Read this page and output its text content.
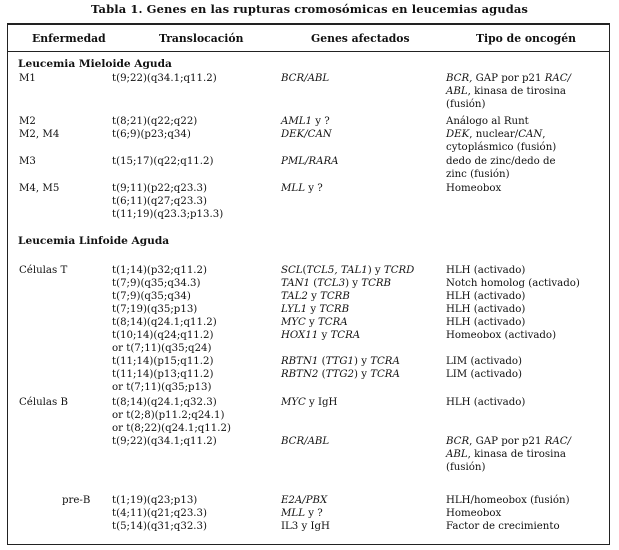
Tabla 1. Genes en las rupturas cromosómicas en leucemias agudas
Enfermedad	Translocación	Genes afectados	Tipo de oncogén
Leucemia Mieloide Aguda
M1	t(9;22)(q34.1;q11.2)	BCR/ABL	BCR, GAP por p21 RAC/
ABL, kinasa de tirosina
(fusión)
M2	t(8;21)(q22;q22)	AML1 y ?	Análogo al Runt
M2, M4	t(6;9)(p23;q34)	DEK/CAN	DEK, nuclear/CAN,
cytoplásmico (fusión)
M3	t(15;17)(q22;q11.2)	PML/RARA	dedo de zinc/dedo de
zinc (fusión)
M4, M5	t(9;11)(p22;q23.3)
t(6;11)(q27;q23.3)
t(11;19)(q23.3;p13.3)
MLL y ?	Homeobox
Leucemia Linfoide Aguda
Células T	t(1;14)(p32;q11.2)	SCL(TCL5, TAL1) y TCRD	HLH (activado)
t(7;9)(q35;q34.3)	TAN1 (TCL3) y TCRB	Notch homolog (activado)
t(7;9)(q35;q34)	TAL2 y TCRB	HLH (activado)
t(7;19)(q35;p13)	LYL1 y TCRB	HLH (activado)
t(8;14)(q24.1;q11.2)	MYC y TCRA	HLH (activado)
t(10;14)(q24;q11.2)	HOX11 y TCRA	Homeobox (activado)
or t(7;11)(q35;q24)
t(11;14)(p15;q11.2)	RBTN1 (TTG1) y TCRA	LIM (activado)
t(11;14)(p13;q11.2)	RBTN2 (TTG2) y TCRA	LIM (activado)
or t(7;11)(q35;p13)
Células B	t(8;14)(q24.1;q32.3)	MYC y IgH	HLH (activado)
or t(2;8)(p11.2;q24.1)
or t(8;22)(q24.1;q11.2)
t(9;22)(q34.1;q11.2)	BCR/ABL	BCR, GAP por p21 RAC/
ABL, kinasa de tirosina
(fusión)
pre-B t(1;19)(q23;p13)	E2A/PBX	HLH/homeobox (fusión)
t(4;11)(q21;q23.3)	MLL y ?	Homeobox
t(5;14)(q31;q32.3)	IL3 y IgH	Factor de crecimiento
